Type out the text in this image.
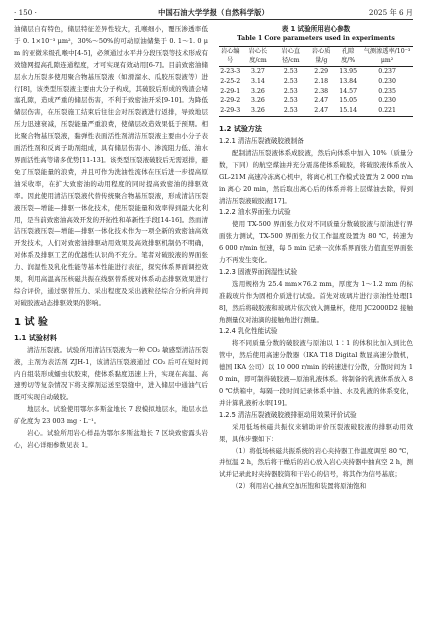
· 150 ·	中国石油大学学报（自然科学版）	2025 年 6 月

油储层自有特色，储层特征差异性较大，孔喉细小，覆压渗透率低于 0. 1×10⁻³ μm²，30%～50%的可动原油储集于 0. 1～1. 0 μm 的亚微米级孔喉中[4-5]，必须通过水平井分段压裂等技术形成有效缝网提高孔隙连通程度，才可实现有效动用[6-7]。目前致密油储层水力压裂多使用聚合物基压裂液（如滑溜水、瓜胶压裂液等）进行[8]，该类型压裂液主要由大分子构成，其破胶后形成的残渣会堵塞孔隙，造成严重的储层伤害，不利于致密油开采[9-10]。为降低储层伤害，在压裂施工结束后往往会对压裂液进行返排，导致地层压力迅速衰减，压裂能量严重浪费，使储层改造效果低于预期。相比聚合物基压裂液，黏弹性表面活性剂清洁压裂液主要由小分子表面活性剂和反离子助剂组成，具有储层伤害小、渗流阻力低、油水界面活性高等诸多优势[11-13]。该类型压裂液破胶后无需返排，避免了压裂能量的浪费，并且可作为洗油性流体在压后进一步提高原油采收率，在扩大致密油的动用程度的同时提高致密油的排驱效率。因此使用清洁压裂液代替传统聚合物基压裂液，形成清洁压裂液压裂—增能—排驱一体化技术，使压裂能量和效率得到最大化利用，是当前致密油高效开发的开拓性和革新性手段[14-16]。然而清洁压裂液压裂—增能—排驱一体化技术作为一项全新的致密油高效开发技术，人们对致密油排驱动用效果及高效排驱机制仍不明确，对体系及排驱工艺的优越性认识尚不充分。笔者对破胶液的界面张力、润湿性及乳化性能等基本性能进行表征，探究体系界面调控效果，利用高温高压核磁共振在线驱替系统对体系动态排驱效果进行综合评价，通过驱替压力、采出程度及采出液粒径综合分析向井间对破胶液动态排驱效果的影响。

1 试 验
1.1 试验材料

清洁压裂液。试验所用清洁压裂液为一种 CO₂ 敏感型清洁压裂液，主剂为表活剂 ZJH-1，该清洁压裂液通过 CO₂ 后可在短时间内自组装形成蠕虫状胶束，使体系黏度迅速上升，实现在高温、高速剪切等复杂情况下将支撑剂运送至裂缝中，进入储层中通油气后既可实现自动破胶。

地层水。试验使用鄂尔多斯盆地长 7 段模拟地层水，地层水总矿化度为 23 003 mg · L⁻¹。

岩心。试验所用岩心样品为鄂尔多斯盆地长 7 区块致密露头岩心，岩心详细参数见表 1。

表 1 试验所用岩心参数
Table 1 Core parameters used in experiments
岩心编号	岩心长度/cm	岩心直径/cm	岩心质量/g	孔隙度/%	气测渗透率/10⁻³ μm²
2-23-3	3.27	2.53	2.29	13.95	0.237
2-25-2	3.14	2.53	2.18	13.84	0.230
2-29-1	3.26	2.53	2.38	14.57	0.235
2-29-2	3.26	2.53	2.47	15.05	0.230
2-29-3	3.26	2.53	2.47	15.14	0.221
1.2 试验方法
1.2.1 清洁压裂液破胶液制备

配制清洁压裂液体系成胶液，然后向体系中加入 10%（质量分数，下同）的航空煤油并充分震荡使体系破胶，将破胶液体系放入 GL-21M 高速冷冻离心机中，将离心机工作模式设置为 2 000 r/min 离心 20 min，然后取出离心后的体系并将上层煤油去除，得到清洁压裂液破胶液[17]。

1.2.2 油水界面张力试验

使用 TX-500 界面张力仪对不同质量分数破胶液与原油进行界面张力测试，TX-500 界面张力仪工作温度设置为 80 ℃，转速为 6 000 r/min 恒速，每 5 min 记录一次体系界面张力值直至界面张力不再发生变化。

1.2.3 固液界面润湿性试验

选用规格为 25.4 mm×76.2 mm，厚度为 1～1.2 mm 的标准载玻片作为固相介质进行试验。首先对玻璃片进行亲油性处理[18]，然后将破胶液和玻璃片依次放入测量杯，使用 JC2000D2 接触角测量仪对油滴的接触角进行测量。

1.2.4 乳化性能试验

将不同质量分数的破胶液与原油以 1∶1 的体积比加入到比色管中，然后使用高速分散器（IKA T18 Digital 数显高速分散机，德国 IKA 公司）以 10 000 r/min 的转速进行分散，分散时间为 10 min，即可制得破胶液—原油乳液体系。将制备的乳液体系放入 80 ℃烘箱中，每隔一段时间记录体系中油、水及乳液的体系变化，并计算乳液析水率[19]。

1.2.5 清洁压裂液破胶液排驱动用效果评价试验

采用低场核磁共振仪来辅助评价压裂液破胶液的排驱动用效果，具体步骤如下：

（1）将低场核磁共振系统的岩心夹持器工作温度调至 80 ℃，并恒温 2 h，然后将干燥后的岩心放入岩心夹持器中抽真空 2 h，测试并记录此时夹持器胶筒和干岩心的信号，将其作为信号基底；

（2）利用岩心抽真空加压饱和装置将原油饱和
